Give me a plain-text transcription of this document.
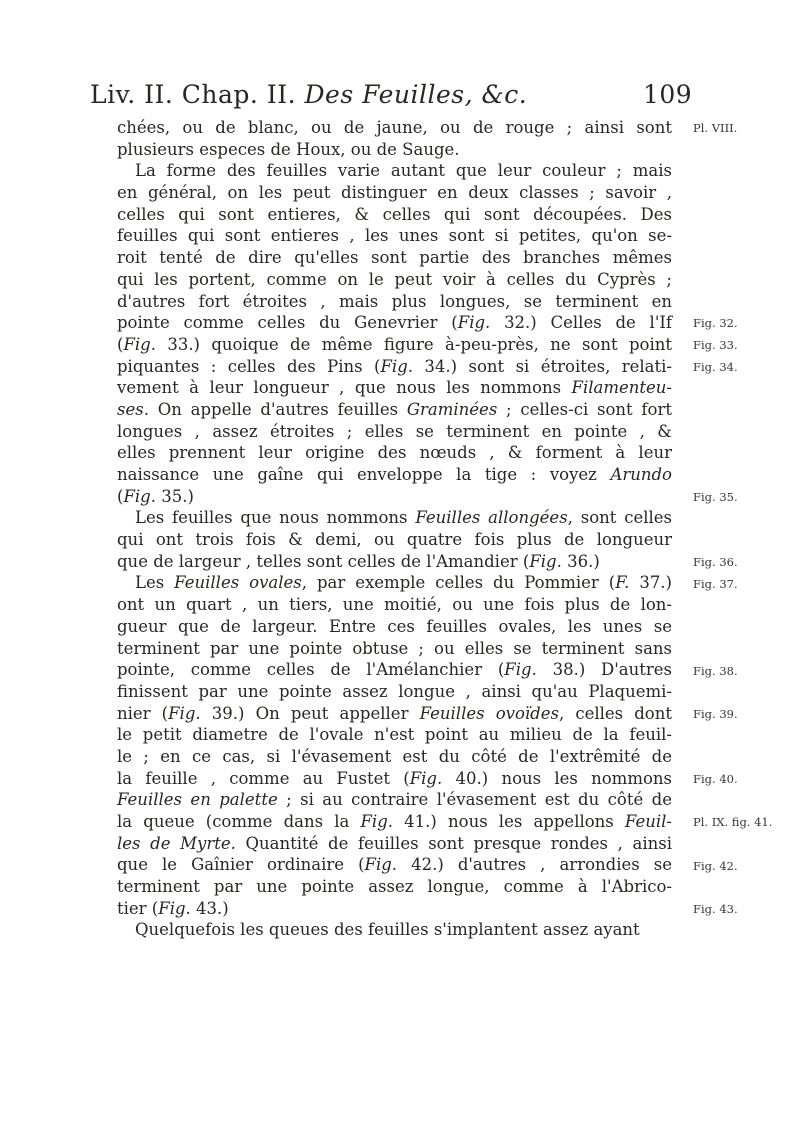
Liv. II. Chap. II. Des Feuilles, &c.	109
chées, ou de blanc, ou de jaune, ou de rouge ; ainsi sont
plusieurs especes de Houx, ou de Sauge.
La forme des feuilles varie autant que leur couleur ; mais
en général, on les peut distinguer en deux classes ; savoir ,
celles qui sont entieres, & celles qui sont découpées. Des
feuilles qui sont entieres , les unes sont si petites, qu'on se-
roit tenté de dire qu'elles sont partie des branches mêmes
qui les portent, comme on le peut voir à celles du Cyprès ;
d'autres fort étroites , mais plus longues, se terminent en
pointe comme celles du Genevrier (Fig. 32.) Celles de l'If
(Fig. 33.) quoique de même figure à-peu-près, ne sont point
piquantes : celles des Pins (Fig. 34.) sont si étroites, relati-
vement à leur longueur , que nous les nommons Filamenteu-
ses. On appelle d'autres feuilles Graminées ; celles-ci sont fort
longues , assez étroites ; elles se terminent en pointe , &
elles prennent leur origine des nœuds , & forment à leur
naissance une gaîne qui enveloppe la tige : voyez Arundo
(Fig. 35.)
Les feuilles que nous nommons Feuilles allongées, sont celles
qui ont trois fois & demi, ou quatre fois plus de longueur
que de largeur , telles sont celles de l'Amandier (Fig. 36.)
Les Feuilles ovales, par exemple celles du Pommier (F. 37.)
ont un quart , un tiers, une moitié, ou une fois plus de lon-
gueur que de largeur. Entre ces feuilles ovales, les unes se
terminent par une pointe obtuse ; ou elles se terminent sans
pointe, comme celles de l'Amélanchier (Fig. 38.) D'autres
finissent par une pointe assez longue , ainsi qu'au Plaquemi-
nier (Fig. 39.) On peut appeller Feuilles ovoïdes, celles dont
le petit diametre de l'ovale n'est point au milieu de la feuil-
le ; en ce cas, si l'évasement est du côté de l'extrêmité de
la feuille , comme au Fustet (Fig. 40.) nous les nommons
Feuilles en palette ; si au contraire l'évasement est du côté de
la queue (comme dans la Fig. 41.) nous les appellons Feuil-
les de Myrte. Quantité de feuilles sont presque rondes , ainsi
que le Gaînier ordinaire (Fig. 42.) d'autres , arrondies se
terminent par une pointe assez longue, comme à l'Abrico-
tier (Fig. 43.)
Quelquefois les queues des feuilles s'implantent assez ayant
Pl. VIII.
Fig. 32.
Fig. 33.
Fig. 34.
Fig. 35.
Fig. 36.
Fig. 37.
Fig. 38.
Fig. 39.
Fig. 40.
Pl. IX. fig. 41.
Fig. 42.
Fig. 43.
